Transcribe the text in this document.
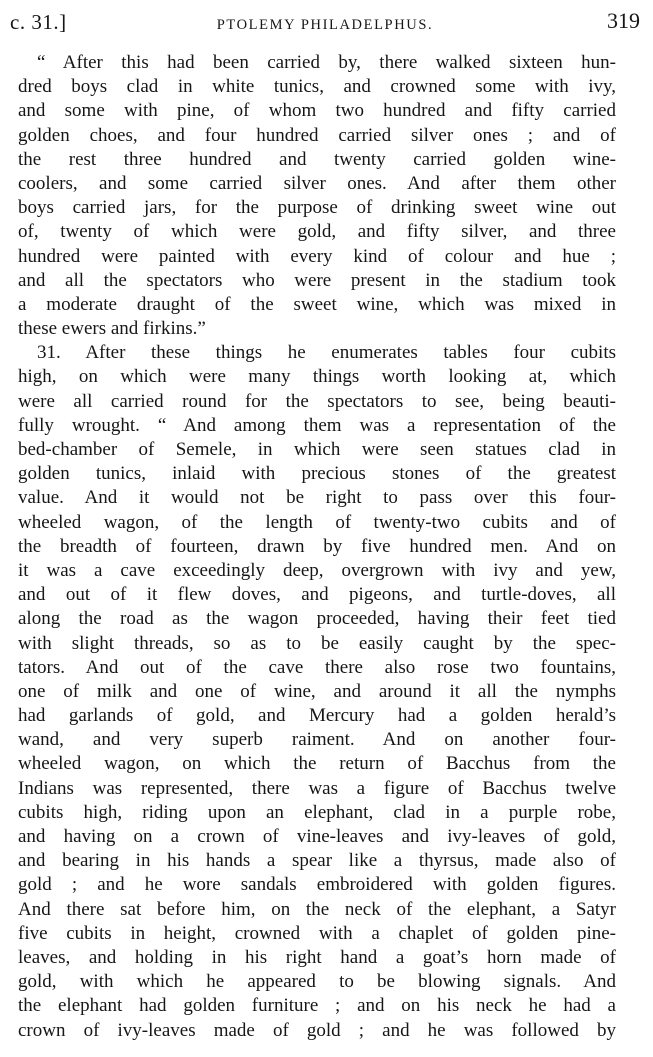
c. 31.]	PTOLEMY PHILADELPHUS.	319
“ After this had been carried by, there walked sixteen hun-
dred boys clad in white tunics, and crowned some with ivy,
and some with pine, of whom two hundred and fifty carried
golden choes, and four hundred carried silver ones ; and of
the rest three hundred and twenty carried golden wine-
coolers, and some carried silver ones. And after them other
boys carried jars, for the purpose of drinking sweet wine out
of, twenty of which were gold, and fifty silver, and three
hundred were painted with every kind of colour and hue ;
and all the spectators who were present in the stadium took
a moderate draught of the sweet wine, which was mixed in
these ewers and firkins.”
31. After these things he enumerates tables four cubits
high, on which were many things worth looking at, which
were all carried round for the spectators to see, being beauti-
fully wrought. “ And among them was a representation of the
bed-chamber of Semele, in which were seen statues clad in
golden tunics, inlaid with precious stones of the greatest
value. And it would not be right to pass over this four-
wheeled wagon, of the length of twenty-two cubits and of
the breadth of fourteen, drawn by five hundred men. And on
it was a cave exceedingly deep, overgrown with ivy and yew,
and out of it flew doves, and pigeons, and turtle-doves, all
along the road as the wagon proceeded, having their feet tied
with slight threads, so as to be easily caught by the spec-
tators. And out of the cave there also rose two fountains,
one of milk and one of wine, and around it all the nymphs
had garlands of gold, and Mercury had a golden herald’s
wand, and very superb raiment. And on another four-
wheeled wagon, on which the return of Bacchus from the
Indians was represented, there was a figure of Bacchus twelve
cubits high, riding upon an elephant, clad in a purple robe,
and having on a crown of vine-leaves and ivy-leaves of gold,
and bearing in his hands a spear like a thyrsus, made also of
gold ; and he wore sandals embroidered with golden figures.
And there sat before him, on the neck of the elephant, a Satyr
five cubits in height, crowned with a chaplet of golden pine-
leaves, and holding in his right hand a goat’s horn made of
gold, with which he appeared to be blowing signals. And
the elephant had golden furniture ; and on his neck he had a
crown of ivy-leaves made of gold ; and he was followed by
